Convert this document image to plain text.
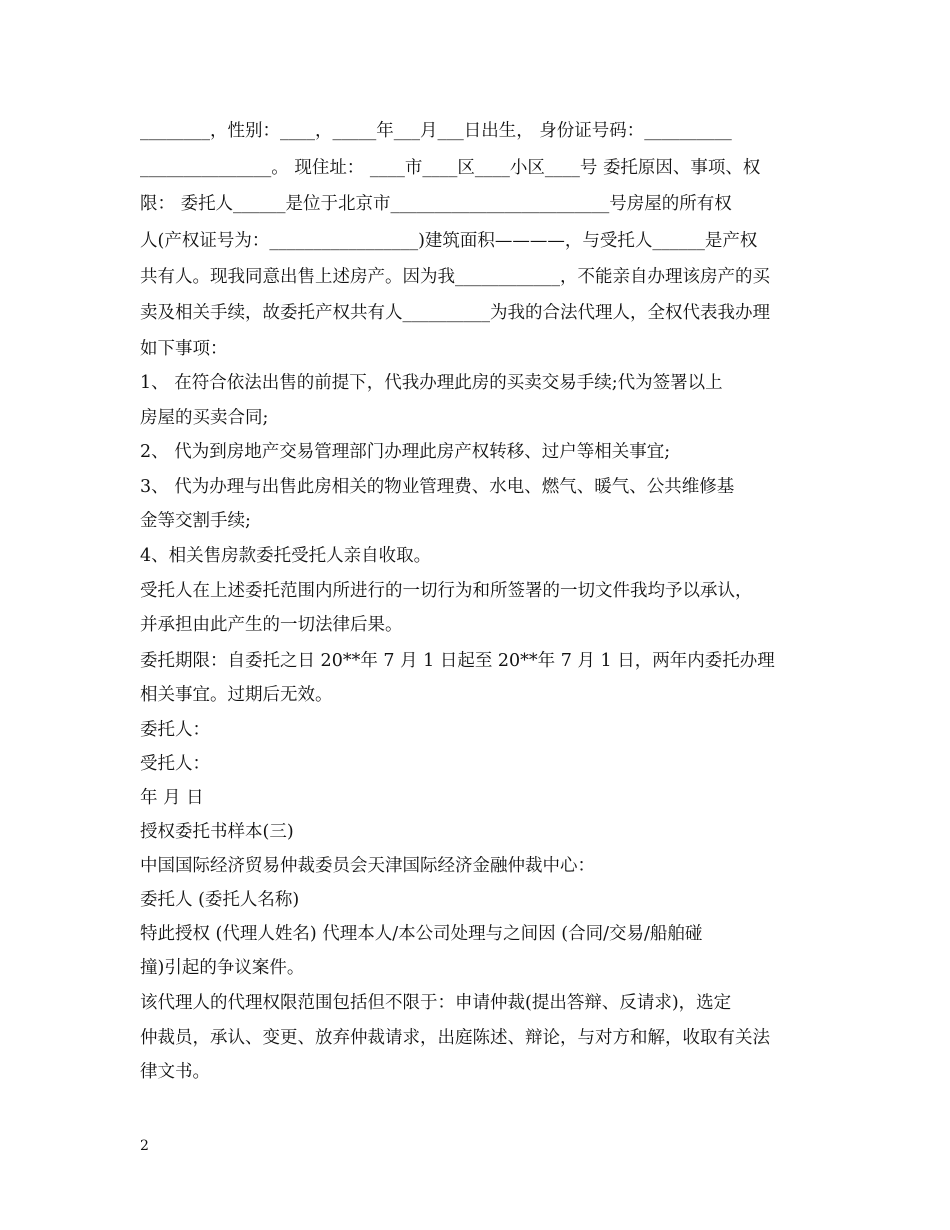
________，性别：____，_____年___月___日出生， 身份证号码：__________
_______________。 现住址： ____市____区____小区____号 委托原因、事项、权
限： 委托人______是位于北京市_________________________号房屋的所有权
人(产权证号为：_________________)建筑面积————，与受托人______是产权
共有人。现我同意出售上述房产。因为我____________，不能亲自办理该房产的买
卖及相关手续，故委托产权共有人__________为我的合法代理人，全权代表我办理
如下事项：
1、 在符合依法出售的前提下，代我办理此房的买卖交易手续;代为签署以上
房屋的买卖合同;
2、 代为到房地产交易管理部门办理此房产权转移、过户等相关事宜;
3、 代为办理与出售此房相关的物业管理费、水电、燃气、暖气、公共维修基
金等交割手续;
4、相关售房款委托受托人亲自收取。
受托人在上述委托范围内所进行的一切行为和所签署的一切文件我均予以承认，
并承担由此产生的一切法律后果。
委托期限：自委托之日 20**年 7 月 1 日起至 20**年 7 月 1 日，两年内委托办理
相关事宜。过期后无效。
委托人：
受托人：
年 月 日
授权委托书样本(三)
中国国际经济贸易仲裁委员会天津国际经济金融仲裁中心：
委托人 (委托人名称)
特此授权 (代理人姓名) 代理本人/本公司处理与之间因 (合同/交易/船舶碰
撞)引起的争议案件。
该代理人的代理权限范围包括但不限于：申请仲裁(提出答辩、反请求)，选定
仲裁员，承认、变更、放弃仲裁请求，出庭陈述、辩论，与对方和解，收取有关法
律文书。
2
